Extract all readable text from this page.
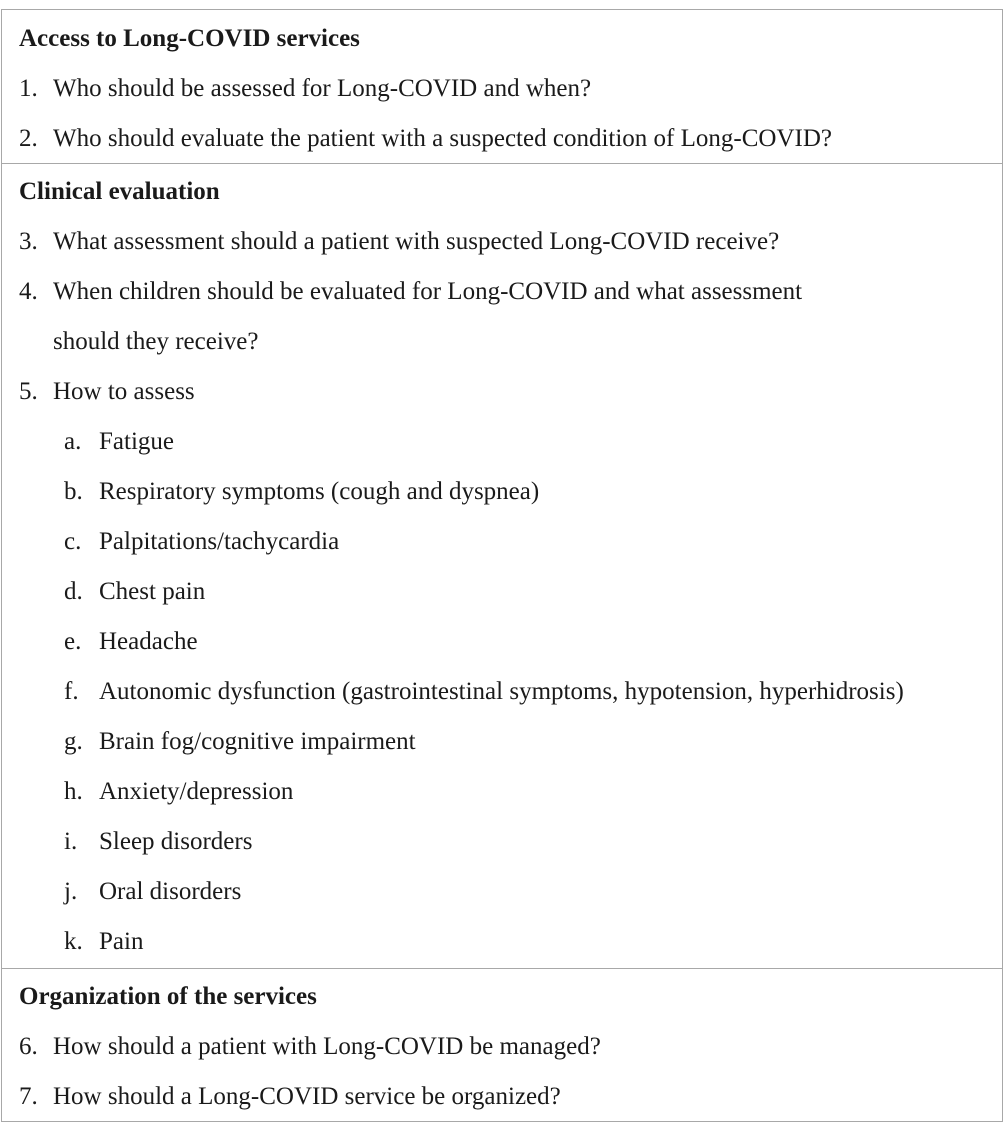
Access to Long-COVID services
1. Who should be assessed for Long-COVID and when?
2. Who should evaluate the patient with a suspected condition of Long-COVID?
Clinical evaluation
3. What assessment should a patient with suspected Long-COVID receive?
4. When children should be evaluated for Long-COVID and what assessment
should they receive?
5. How to assess
a. Fatigue
b. Respiratory symptoms (cough and dyspnea)
c. Palpitations/tachycardia
d. Chest pain
e. Headache
f. Autonomic dysfunction (gastrointestinal symptoms, hypotension, hyperhidrosis)
g. Brain fog/cognitive impairment
h. Anxiety/depression
i. Sleep disorders
j. Oral disorders
k. Pain
Organization of the services
6. How should a patient with Long-COVID be managed?
7. How should a Long-COVID service be organized?
